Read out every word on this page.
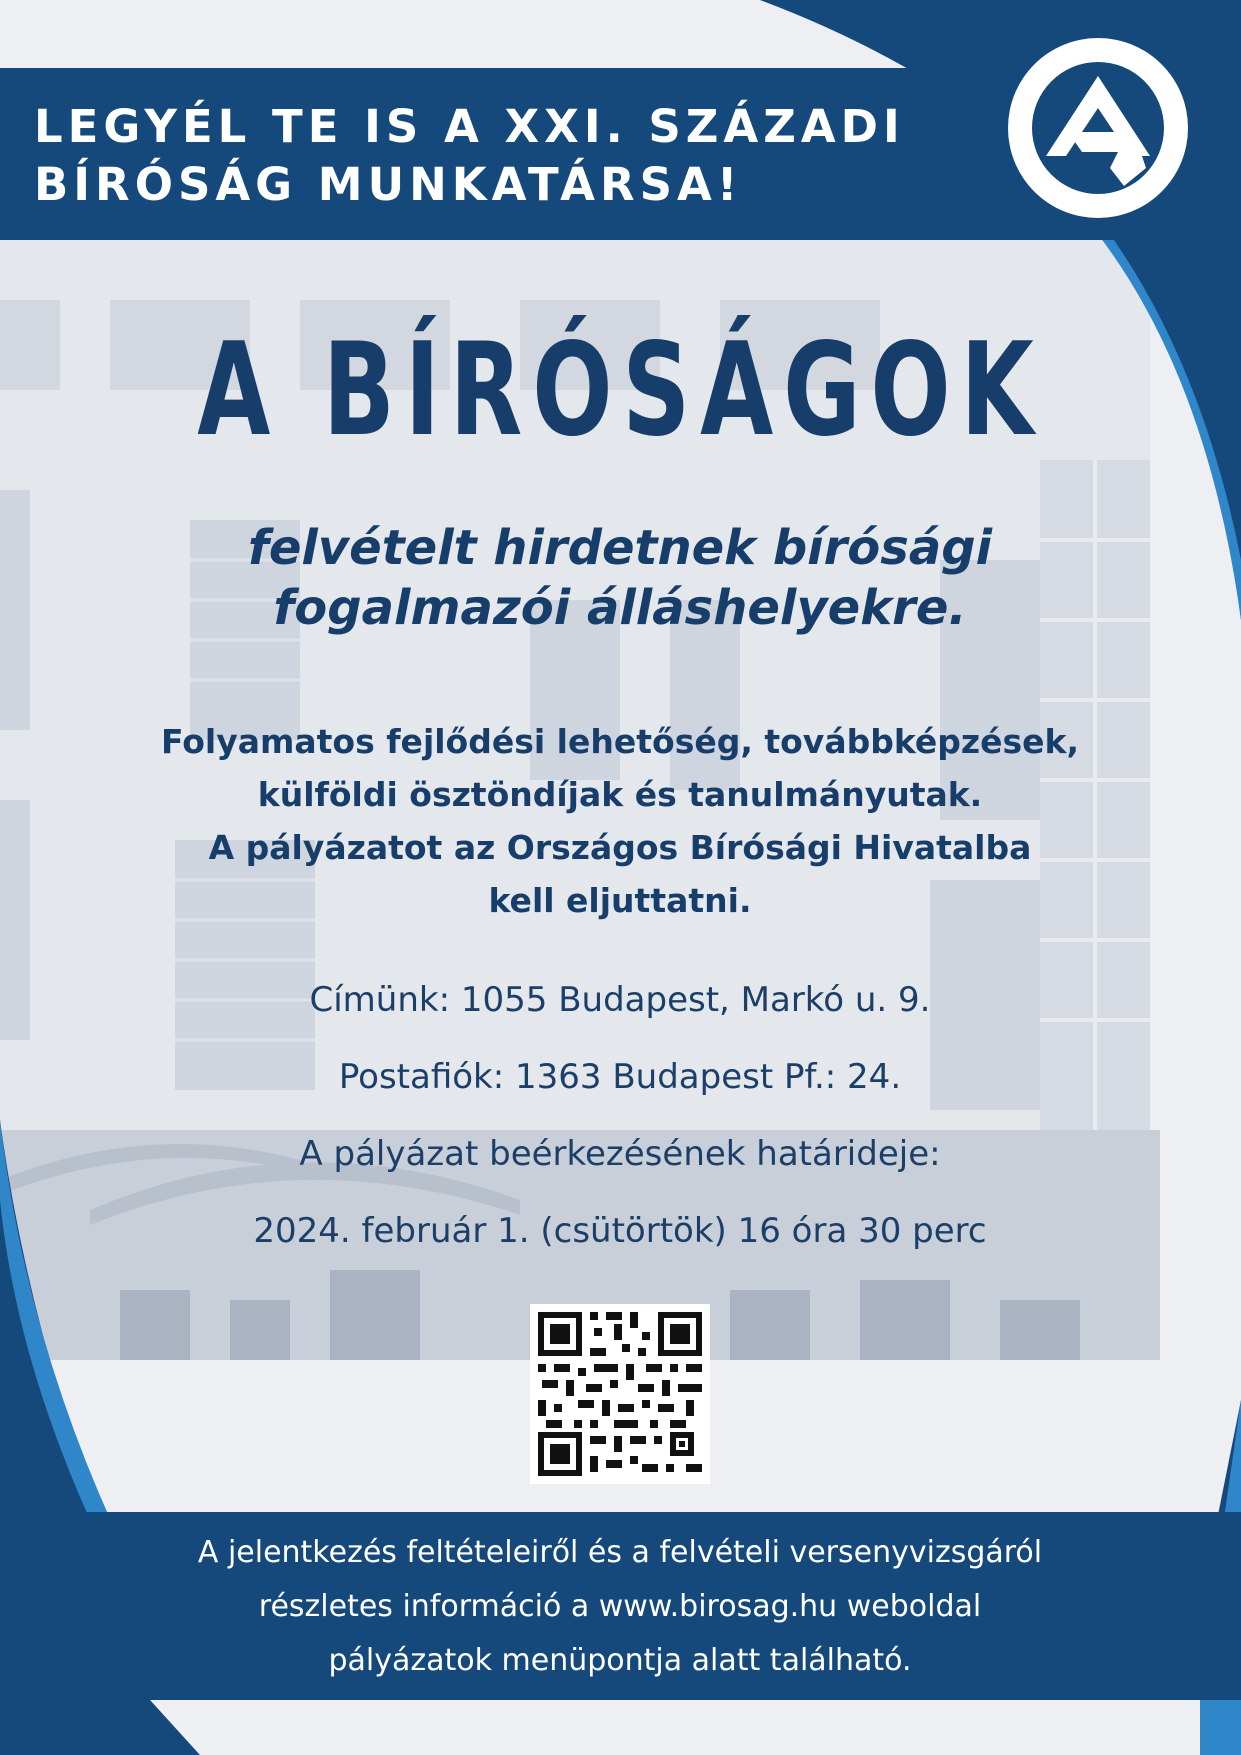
LEGYÉL TE IS A XXI. SZÁZADI
BÍRÓSÁG MUNKATÁRSA!
A BÍRÓSÁGOK
felvételt hirdetnek bírósági
fogalmazói álláshelyekre.
Folyamatos fejlődési lehetőség, továbbképzések,
külföldi ösztöndíjak és tanulmányutak.
A pályázatot az Országos Bírósági Hivatalba
kell eljuttatni.
Címünk: 1055 Budapest, Markó u. 9.
Postafiók: 1363 Budapest Pf.: 24.
A pályázat beérkezésének határideje:
2024. február 1. (csütörtök) 16 óra 30 perc
A jelentkezés feltételeiről és a felvételi versenyvizsgáról
részletes információ a www.birosag.hu weboldal
pályázatok menüpontja alatt található.
